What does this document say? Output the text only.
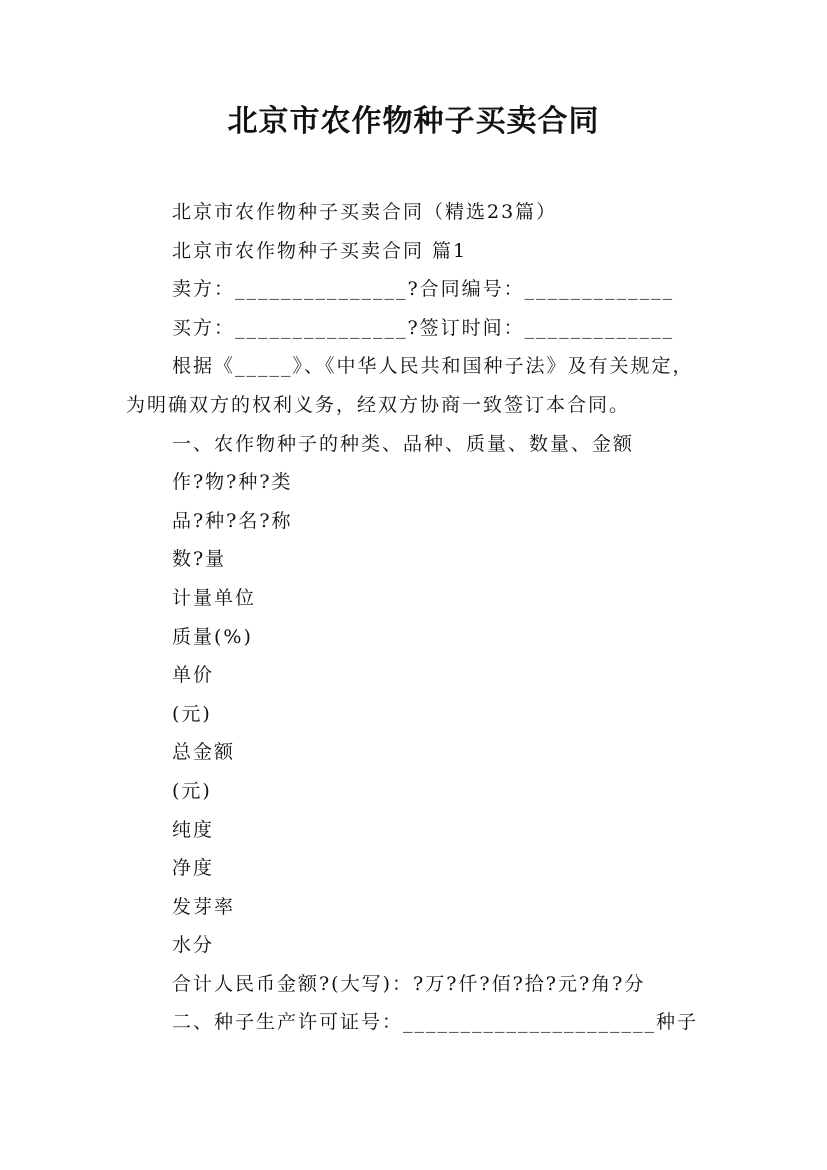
北京市农作物种子买卖合同

北京市农作物种子买卖合同（精选23篇）

北京市农作物种子买卖合同 篇1

卖方：_______________?合同编号：_____________

买方：_______________?签订时间：_____________

根据《_____》、《中华人民共和国种子法》及有关规定，

为明确双方的权利义务，经双方协商一致签订本合同。

一、农作物种子的种类、品种、质量、数量、金额

作?物?种?类

品?种?名?称

数?量

计量单位

质量(%)

单价

(元)

总金额

(元)

纯度

净度

发芽率

水分

合计人民币金额?(大写)：?万?仟?佰?拾?元?角?分

二、种子生产许可证号：______________________种子
